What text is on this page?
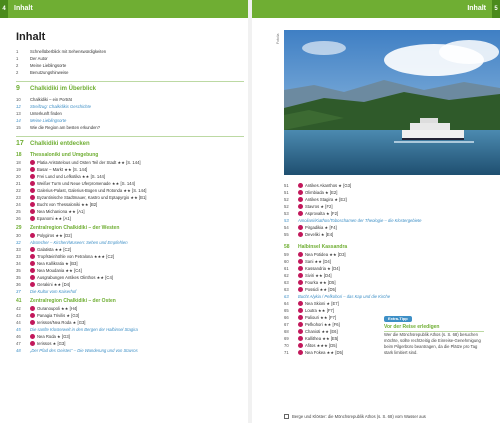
Inhalt
4	Inhalt	5
Inhalt
1	Schnellüberblick mit Sehenswürdigkeiten
1	Der Autor
2	Meine Lieblingsorte
2	Benutzungshinweise
9	Chalkidiki im Überblick
10	Chalkidiki – ein Porträt
12	Streifzug: Chalkidikis Geschichte
13	Unterkunft finden
14	Meine Lieblingsorte
15	Wie die Region am besten erkunden?
17	Chalkidiki entdecken
18	Thessaloniki und Umgebung
18	Platia Aristotelous und Osten Teil der Stadt ★★ [S. 144]
19	Basar – Markt ★★ [S. 144]
20	Frei Lund und Lefkotika ★★ [S. 144]
21	Weißer Turm und Neue Uferpromenade ★★ [S. 144]
22	Galerius-Palast, Galerius-Bogen und Rotonda ★★ [S. 144]
23	Byzantinische Stadtmauer, Kastro und Eptapyrgio ★★ [B1]
24	Bucht von Thessaloniki ★★ [B2]
25	Nea Michaniona ★★ [A1]
26	Epanomi ★★ [A1]
29	Zentralregion Chalkidiki – der Westen
30	Polygiros ★★ [D2]
32	Abstecher – Kirchen/Museen: Sehen und Empfehlen
33	Galatista ★★ [C2]
33	Tropfsteinhöhle von Petralona ★★★ [C2]
34	Nea Kallikratia ★ [B3]
35	Nea Moudania ★★ [C4]
35	Ausgrabungen Antikes Olinthos ★★ [C4]
36	Gerakini ★★ [D4]
37	Die Kultur vom Kaiserhof
41	Zentralregion Chalkidiki – der Osten
42	Ouranoupoli ★★ [H4]
43	Panagia Trivilis ★ [G3]
44	Ierissos/Nea Roda ★ [G3]
45	Die sanfte Klosterwelt in den Bergen der Halbinsel Stagira
46	Nea Roda ★ [G3]
47	Ierissos ★ [G3]
48	„Der Pfad des Geistes“ – Die Wanderung und von Stavros
Fotolia
51	Antikes Akanthos ★ [G3]
51	Olimbiada ★ [E2]
52	Antikes Stagira ★ [E2]
52	Stavros ★ [F2]
53	Asprovalta ★ [F2]
53	Amoliani/Kiathos/Toboschamen der Theologie – die Klostergebiete
54	Pirgadikia ★ [F4]
55	Develiki ★ [E4]
58	Halbinsel Kassandra
59	Nea Potidea ★★ [D3]
60	Sani ★★ [D4]
61	Kassandria ★ [D4]
62	Siviri ★★ [D4]
63	Fourka ★★ [D5]
63	Possidi ★★ [D5]
63	Bucht Alykia / Pefkohori – das Kap und die Kirche
64	Nea Skioni ★ [E7]
65	Loutra ★★ [F7]
66	Paliouri ★★ [F7]
67	Pefkohori ★★ [F6]
68	Chanioti ★★ [E6]
69	Kallithea ★★ [E5]
70	Afitos ★★★ [D5]
71	Nea Fokea ★★ [D5]
Extra-Tipp
Vor der Reise erledigen
Wer die Mönchsrepublik Athos (s. S. 68) besuchen möchte, sollte rechtzeitig die Einreise-Genehmigung beim Pilgerbüro beantragen, da die Plätze pro Tag stark limitiert sind.
Berge und Klöster: die Mönchsrepublik Athos (s. S. 68) vom Wasser aus
